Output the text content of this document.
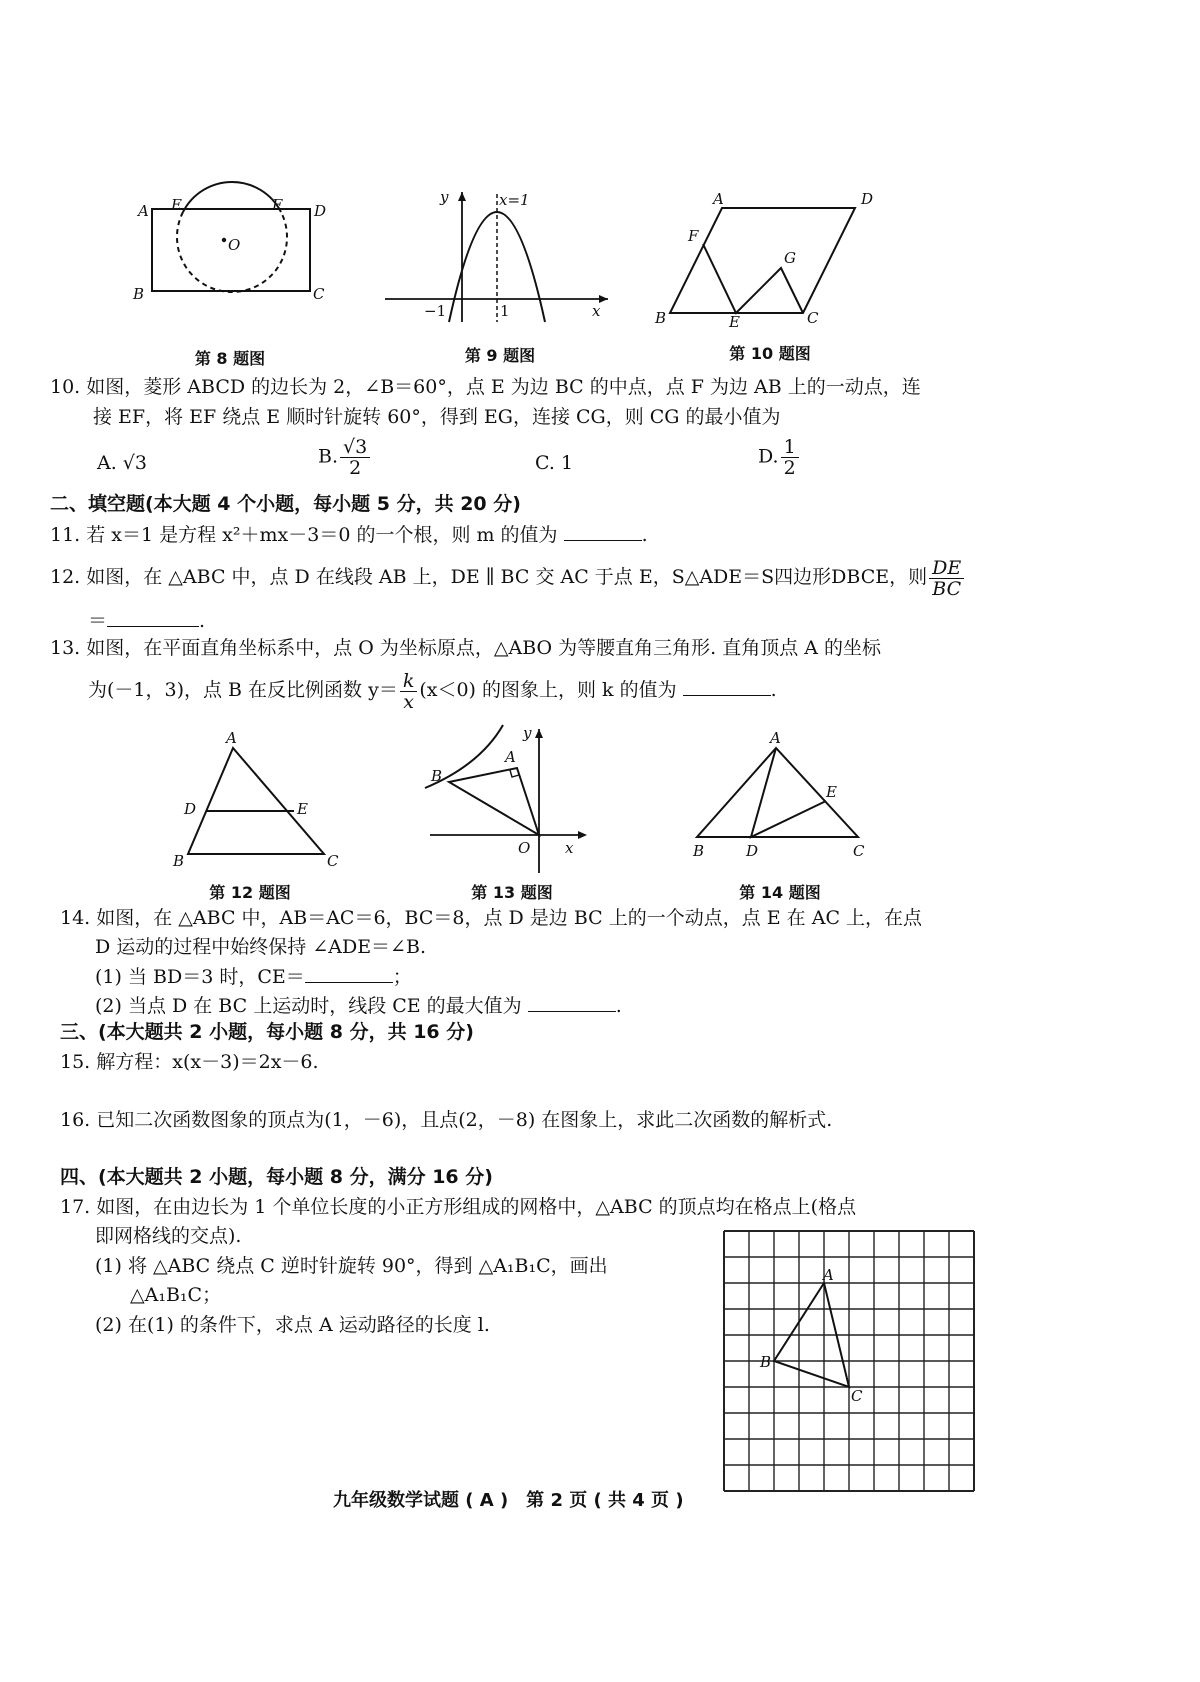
A E	F D
O
B	C
第 8 题图
y	x=1
−1	1	x
第 9 题图
A	D
F
G
B	E	C
第 10 题图
10. 如图，菱形 ABCD 的边长为 2，∠B＝60°，点 E 为边 BC 的中点，点 F 为边 AB 上的一动点，连
接 EF，将 EF 绕点 E 顺时针旋转 60°，得到 EG，连接 CG，则 CG 的最小值为
A. √3	B. $\frac{√3}{2}$	C. 1	D. $\frac{1}{2}$
二、填空题(本大题 4 个小题，每小题 5 分，共 20 分)
11. 若 x＝1 是方程 x²＋mx－3＝0 的一个根，则 m 的值为	.
12. 如图，在 △ABC 中，点 D 在线段 AB 上，DE ∥ BC 交 AC 于点 E，S△ADE＝S四边形DBCE，则 $\frac{DE}{BC}$
＝	.
13. 如图，在平面直角坐标系中，点 O 为坐标原点，△ABO 为等腰直角三角形. 直角顶点 A 的坐标
为(－1，3)，点 B 在反比例函数 $y= \frac{k}{x} (x<0)$ 的图象上，则 k 的值为	.
A
D	E
B	C
第 12 题图
y
A
B
O x
第 13 题图
A
E
B	D	C
第 14 题图
14. 如图，在 △ABC 中，AB＝AC＝6，BC＝8，点 D 是边 BC 上的一个动点，点 E 在 AC 上，在点
D 运动的过程中始终保持 ∠ADE＝∠B.
(1) 当 BD＝3 时，CE＝	；
(2) 当点 D 在 BC 上运动时，线段 CE 的最大值为	.
三、(本大题共 2 小题，每小题 8 分，共 16 分)
15. 解方程：x(x－3)＝2x－6.
16. 已知二次函数图象的顶点为(1，－6)，且点(2，－8) 在图象上，求此二次函数的解析式.
四、(本大题共 2 小题，每小题 8 分，满分 16 分)
17. 如图，在由边长为 1 个单位长度的小正方形组成的网格中，△ABC 的顶点均在格点上(格点
即网格线的交点).
(1) 将 △ABC 绕点 C 逆时针旋转 90°，得到 △A₁B₁C，画出
△A₁B₁C；
(2) 在(1) 的条件下，求点 A 运动路径的长度 l.
A
B
C
九年级数学试题 ( A )　第 2 页 ( 共 4 页 )
